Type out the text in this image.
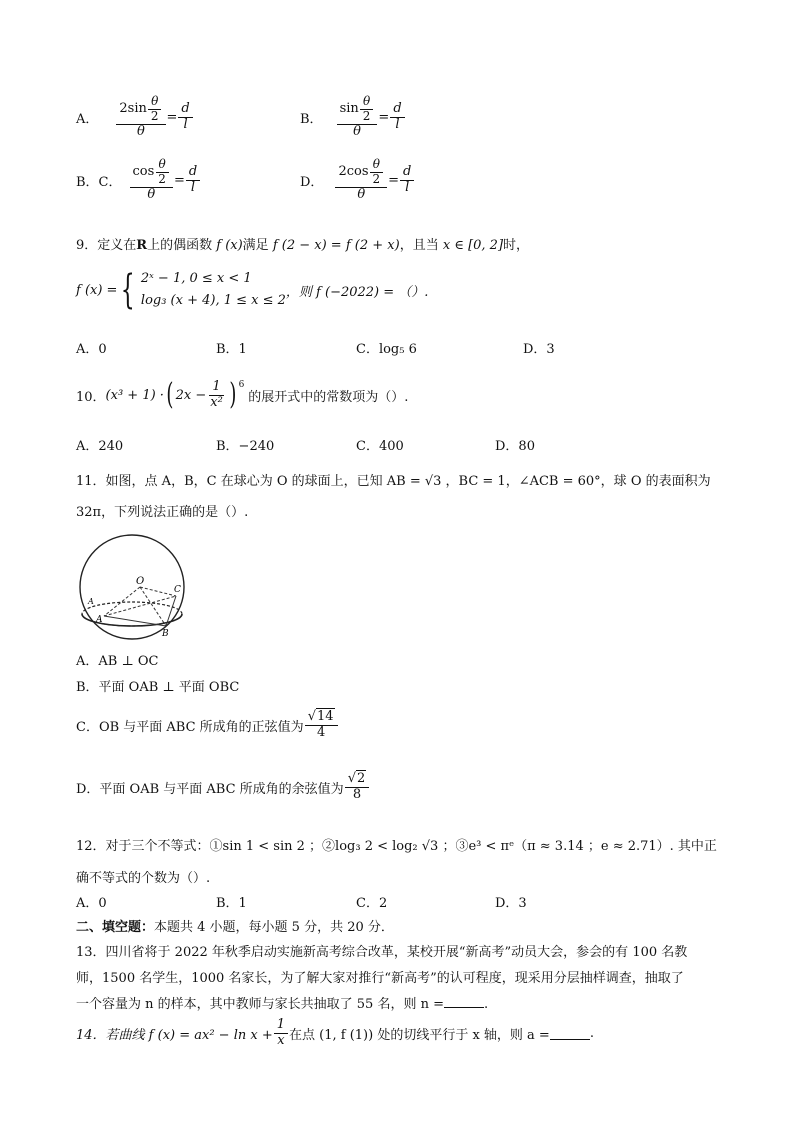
A． $\frac{2\sin \frac{\theta}{2}}{\theta} = \frac{d}{l}$	B． $\frac{\sin \frac{\theta}{2}}{\theta} = \frac{d}{l}$
B．C． $\frac{\cos \frac{\theta}{2}}{\theta} = \frac{d}{l}$	D． $\frac{2\cos \frac{\theta}{2}}{\theta} = \frac{d}{l}$
9．定义在R上的偶函数 f (x)满足 f (2 − x) = f (2 + x)，且当 x ∈ [0, 2]时，
f (x) = { 2ˣ − 1, 0 ≤ x < 1
log₃ (x + 4), 1 ≤ x ≤ 2
，则 f (−2022) = （）.
A．0	B．1	C．log₅ 6	D．3
10． (x³ + 1) · ( $2x - \frac{1}{\text{x²}}$ ) 6
的展开式中的常数项为（）.
A．240	B．−240	C．400	D．80
11．如图，点 A，B，C 在球心为 O 的球面上，已知 AB = √3 ，BC = 1，∠ACB = 60°，球 O 的表面积为
32π，下列说法正确的是（）.
O
A
B
C
A
A．AB ⊥ OC
B．平面 OAB ⊥ 平面 OBC
C．OB 与平面 ABC 所成角的正弦值为 $\frac{√14}{4}$
D．平面 OAB 与平面 ABC 所成角的余弦值为 $\frac{√2}{8}$
12．对于三个不等式：①sin 1 < sin 2 ；②log₃ 2 < log₂ √3 ；③e³ < πᵉ（π ≈ 3.14 ；e ≈ 2.71）. 其中正
确不等式的个数为（）.
A．0	B．1	C．2	D．3
二、填空题：本题共 4 小题，每小题 5 分，共 20 分．
13．四川省将于 2022 年秋季启动实施新高考综合改革，某校开展“新高考”动员大会，参会的有 100 名教
师，1500 名学生，1000 名家长，为了解大家对推行“新高考”的认可程度，现采用分层抽样调查，抽取了
一个容量为 n 的样本，其中教师与家长共抽取了 55 名，则 n =	.
14．若曲线 f $(x) = ax^2 - \ln x + \frac{1}{x}$ 在点 (1, f (1)) 处的切线平行于 x 轴，则 a =	.
